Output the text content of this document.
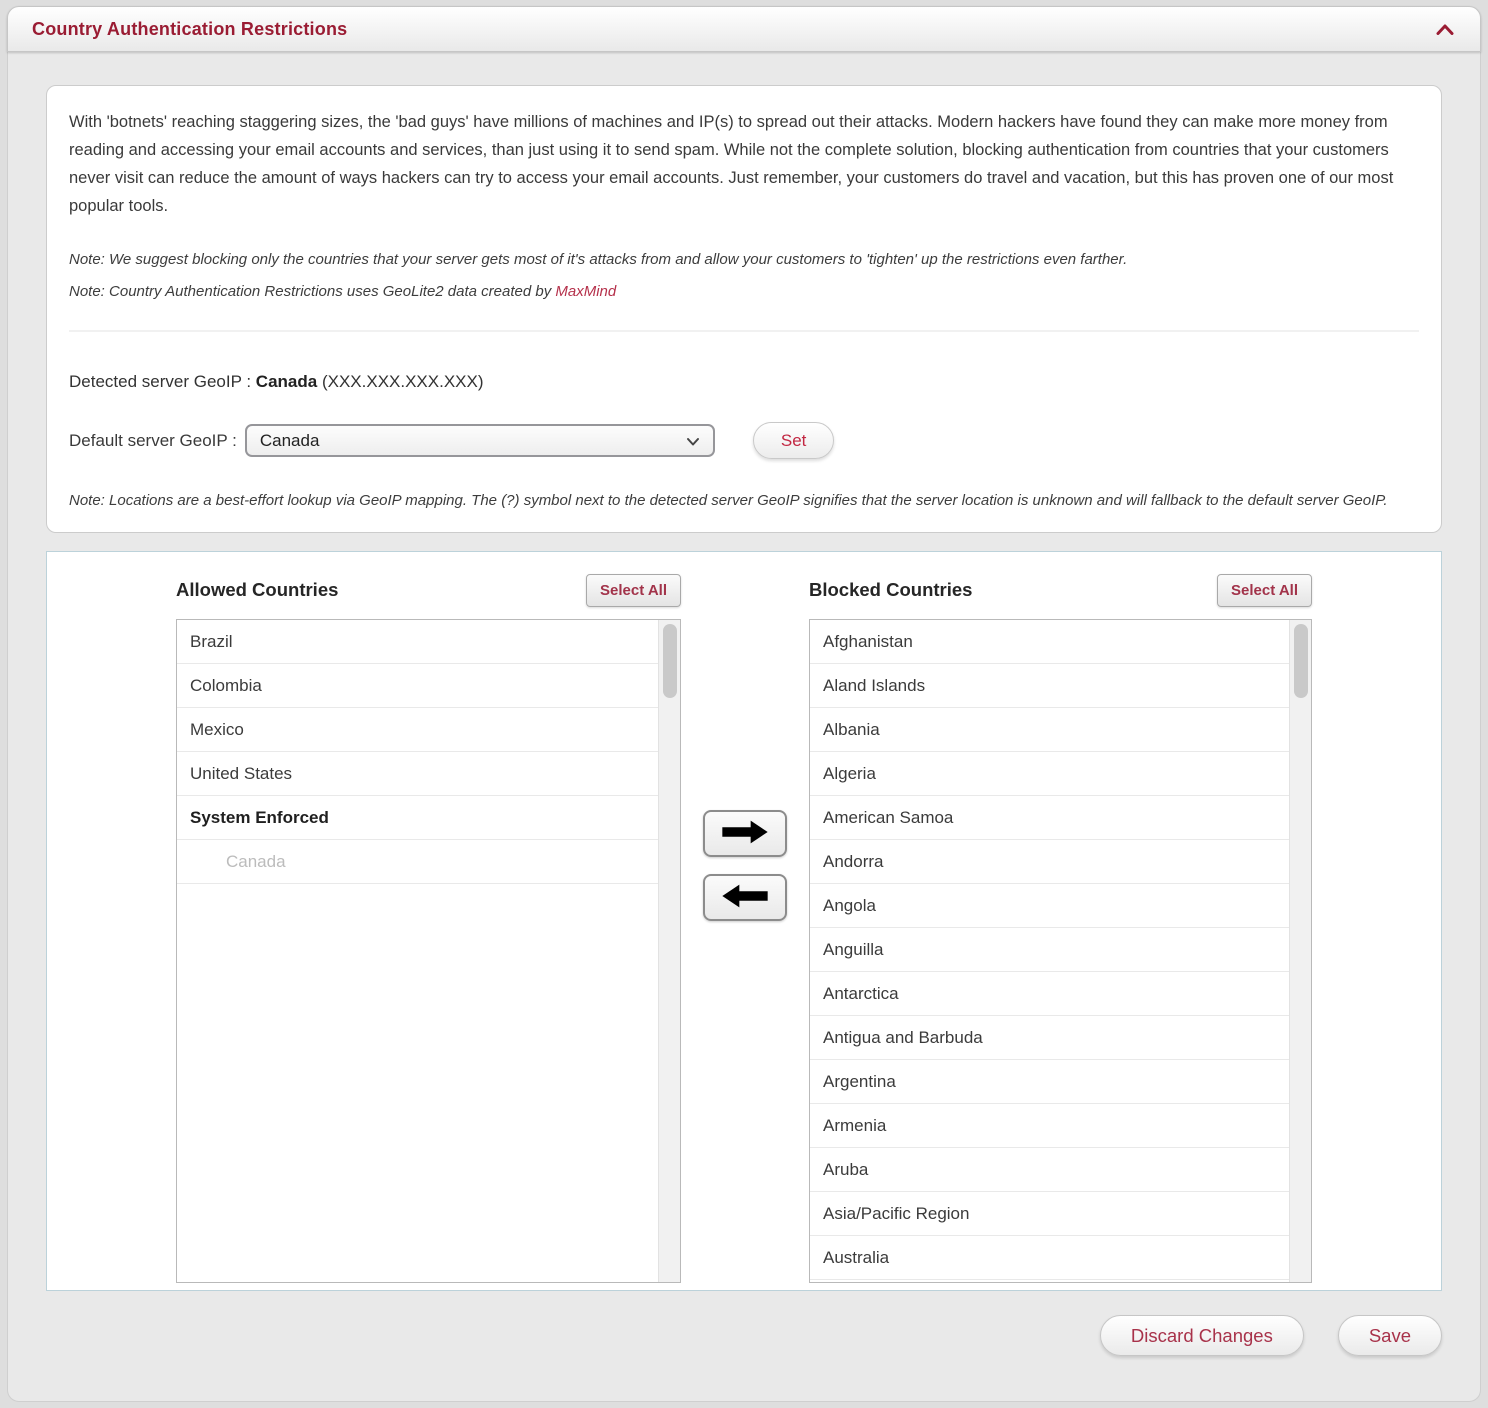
Country Authentication Restrictions

With 'botnets' reaching staggering sizes, the 'bad guys' have millions of machines and IP(s) to spread out their attacks. Modern hackers have found they can make more money from reading and accessing your email accounts and services, than just using it to send spam. While not the complete solution, blocking authentication from countries that your customers never visit can reduce the amount of ways hackers can try to access your email accounts. Just remember, your customers do travel and vacation, but this has proven one of our most popular tools.

Note: We suggest blocking only the countries that your server gets most of it's attacks from and allow your customers to 'tighten' up the restrictions even farther.
Note: Country Authentication Restrictions uses GeoLite2 data created by MaxMind
Detected server GeoIP : Canada (XXX.XXX.XXX.XXX)
Default server GeoIP : Canada	Set
Note: Locations are a best-effort lookup via GeoIP mapping. The (?) symbol next to the detected server GeoIP signifies that the server location is unknown and will fallback to the default server GeoIP.
Allowed Countries	Select All
Brazil
Colombia
Mexico
United States
System Enforced
Canada
Blocked Countries	Select All
Afghanistan
Aland Islands
Albania
Algeria
American Samoa
Andorra
Angola
Anguilla
Antarctica
Antigua and Barbuda
Argentina
Armenia
Aruba
Asia/Pacific Region
Australia
Discard Changes	Save
